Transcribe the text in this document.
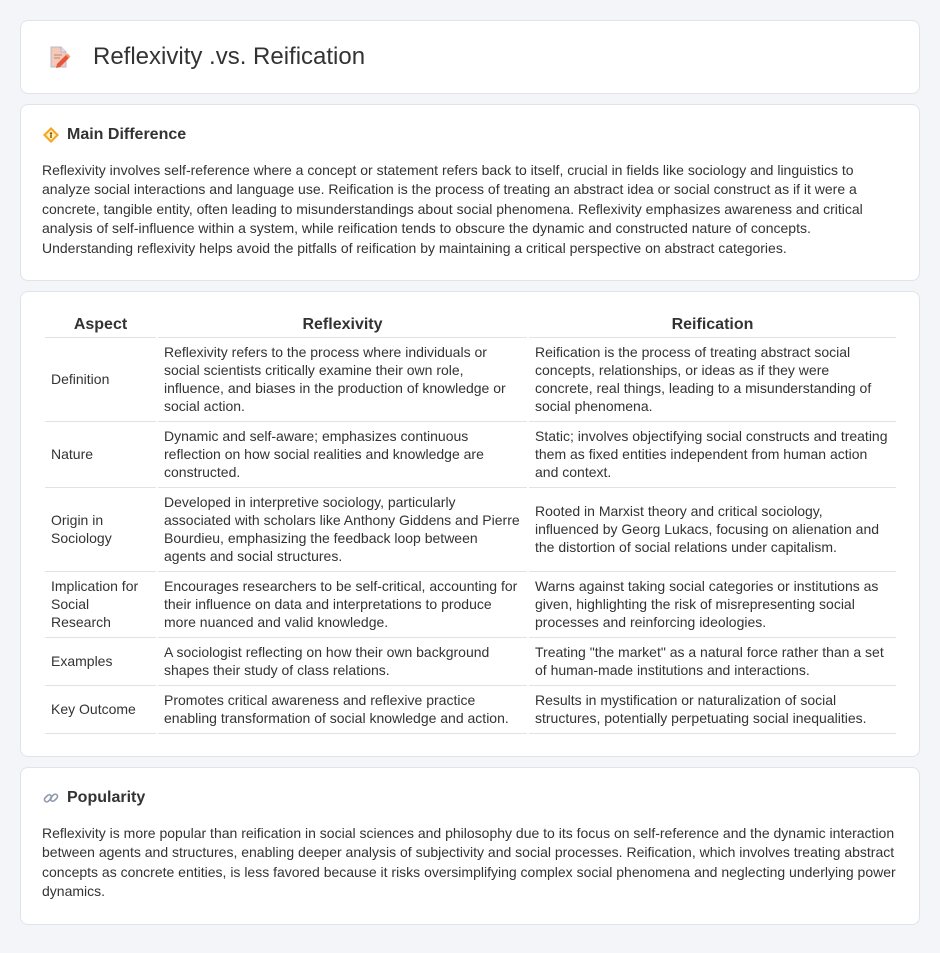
Reflexivity .vs. Reification
Main Difference

Reflexivity involves self-reference where a concept or statement refers back to itself, crucial in fields like sociology and linguistics to analyze social interactions and language use. Reification is the process of treating an abstract idea or social construct as if it were a concrete, tangible entity, often leading to misunderstandings about social phenomena. Reflexivity emphasizes awareness and critical analysis of self-influence within a system, while reification tends to obscure the dynamic and constructed nature of concepts. Understanding reflexivity helps avoid the pitfalls of reification by maintaining a critical perspective on abstract categories.

Aspect	Reflexivity	Reification
Definition	Reflexivity refers to the process where individuals or social scientists critically examine their own role, influence, and biases in the production of knowledge or social action.	Reification is the process of treating abstract social concepts, relationships, or ideas as if they were concrete, real things, leading to a misunderstanding of social phenomena.
Nature	Dynamic and self-aware; emphasizes continuous reflection on how social realities and knowledge are constructed.	Static; involves objectifying social constructs and treating them as fixed entities independent from human action and context.
Origin in Sociology	Developed in interpretive sociology, particularly associated with scholars like Anthony Giddens and Pierre Bourdieu, emphasizing the feedback loop between agents and social structures.	Rooted in Marxist theory and critical sociology, influenced by Georg Lukacs, focusing on alienation and the distortion of social relations under capitalism.
Implication for Social Research	Encourages researchers to be self-critical, accounting for their influence on data and interpretations to produce more nuanced and valid knowledge.	Warns against taking social categories or institutions as given, highlighting the risk of misrepresenting social processes and reinforcing ideologies.
Examples	A sociologist reflecting on how their own background shapes their study of class relations.	Treating "the market" as a natural force rather than a set of human-made institutions and interactions.
Key Outcome	Promotes critical awareness and reflexive practice enabling transformation of social knowledge and action.	Results in mystification or naturalization of social structures, potentially perpetuating social inequalities.
Popularity

Reflexivity is more popular than reification in social sciences and philosophy due to its focus on self-reference and the dynamic interaction between agents and structures, enabling deeper analysis of subjectivity and social processes. Reification, which involves treating abstract concepts as concrete entities, is less favored because it risks oversimplifying complex social phenomena and neglecting underlying power dynamics.
